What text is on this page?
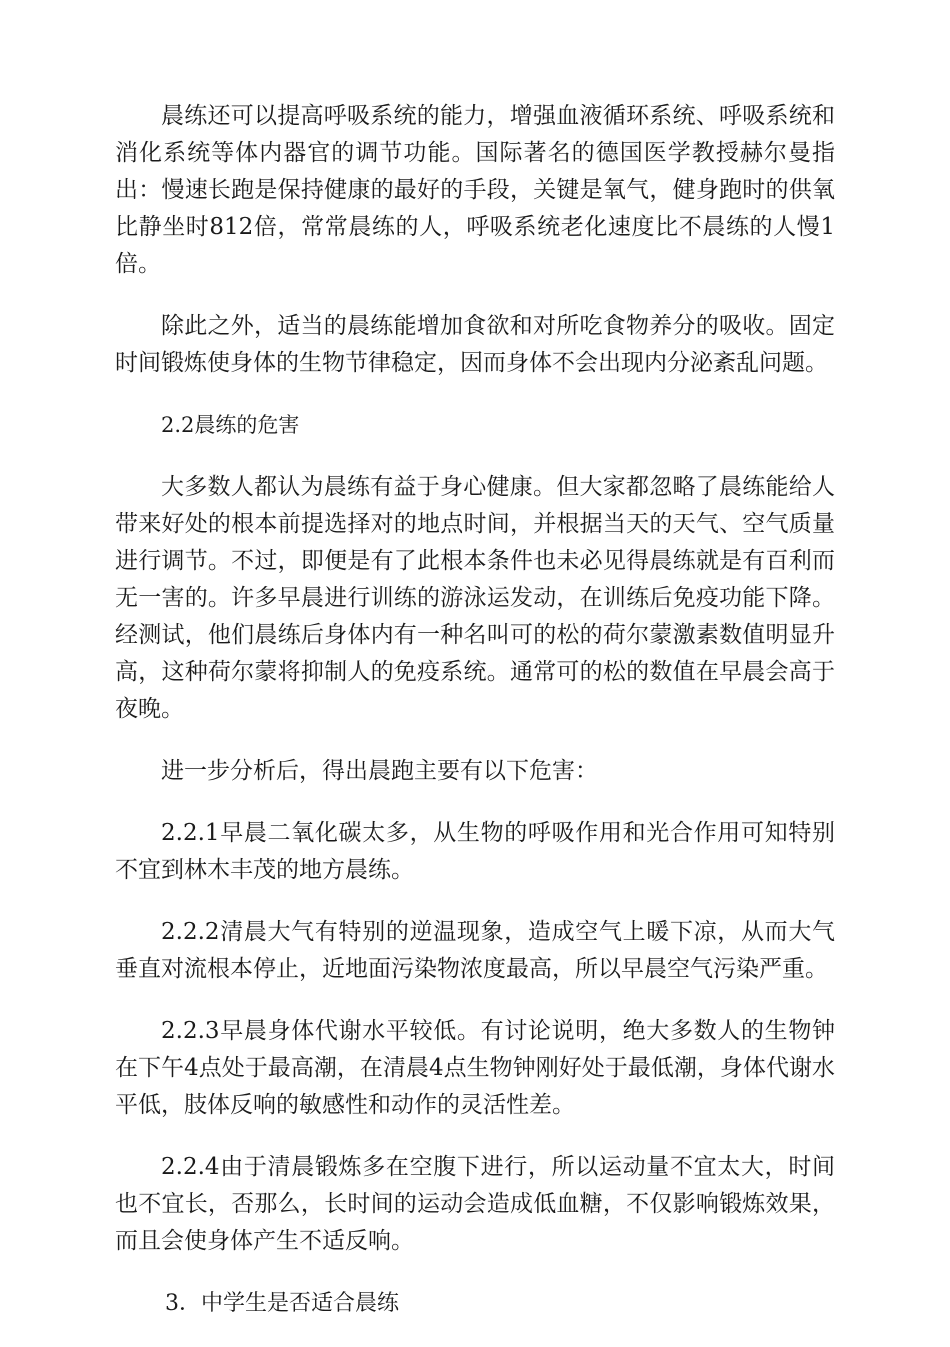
晨练还可以提高呼吸系统的能力，增强血液循环系统、呼吸系统和消化系统等体内器官的调节功能。国际著名的德国医学教授赫尔曼指出：慢速长跑是保持健康的最好的手段，关键是氧气，健身跑时的供氧比静坐时812倍，常常晨练的人，呼吸系统老化速度比不晨练的人慢1倍。

除此之外，适当的晨练能增加食欲和对所吃食物养分的吸收。固定时间锻炼使身体的生物节律稳定，因而身体不会出现内分泌紊乱问题。

2.2晨练的危害

大多数人都认为晨练有益于身心健康。但大家都忽略了晨练能给人带来好处的根本前提选择对的地点时间，并根据当天的天气、空气质量进行调节。不过，即便是有了此根本条件也未必见得晨练就是有百利而无一害的。许多早晨进行训练的游泳运发动，在训练后免疫功能下降。经测试，他们晨练后身体内有一种名叫可的松的荷尔蒙激素数值明显升高，这种荷尔蒙将抑制人的免疫系统。通常可的松的数值在早晨会高于夜晚。

进一步分析后，得出晨跑主要有以下危害：

2.2.1早晨二氧化碳太多，从生物的呼吸作用和光合作用可知特别不宜到林木丰茂的地方晨练。

2.2.2清晨大气有特别的逆温现象，造成空气上暖下凉，从而大气垂直对流根本停止，近地面污染物浓度最高，所以早晨空气污染严重。

2.2.3早晨身体代谢水平较低。有讨论说明，绝大多数人的生物钟在下午4点处于最高潮，在清晨4点生物钟刚好处于最低潮，身体代谢水平低，肢体反响的敏感性和动作的灵活性差。

2.2.4由于清晨锻炼多在空腹下进行，所以运动量不宜太大，时间也不宜长，否那么，长时间的运动会造成低血糖，不仅影响锻炼效果，而且会使身体产生不适反响。

3．中学生是否适合晨练
